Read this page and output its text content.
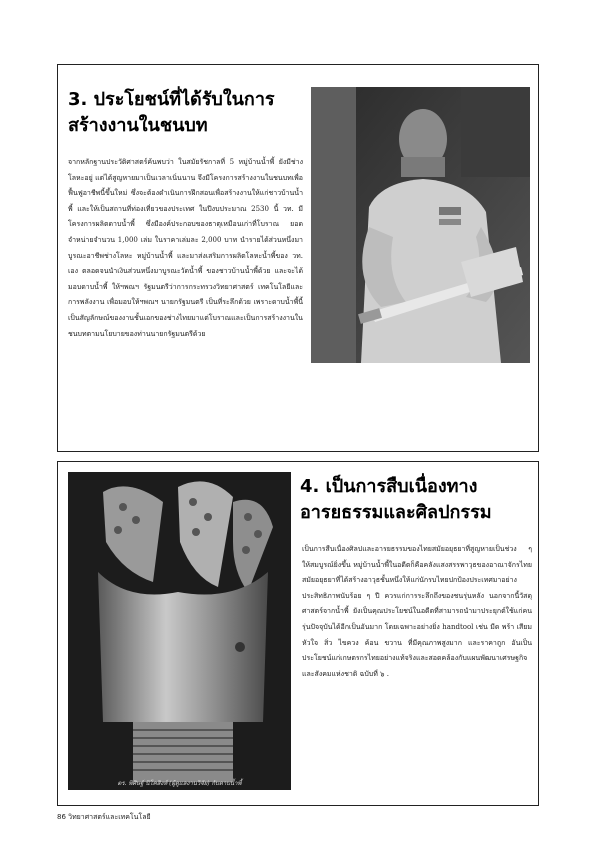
3. ประโยชน์ที่ได้รับในการสร้างงานในชนบท

จากหลักฐานประวัติศาสตร์ค้นพบว่า ในสมัยรัชกาลที่ 5 หมู่บ้านน้ำพี้ ยังมีช่างโลหะอยู่ แต่ได้สูญหายมาเป็นเวลาเนิ่นนาน จึงมีโครงการสร้างงานในชนบทเพื่อฟื้นฟูอาชีพนี้ขึ้นใหม่ ซึ่งจะต้องดำเนินการฝึกสอนเพื่อสร้างงานให้แก่ชาวบ้านน้ำพี้ และให้เป็นสถานที่ท่องเที่ยวของประเทศ ในปีงบประมาณ 2530 นี้ วท. มีโครงการผลิตดาบน้ำพี้ ซึ่งมีองค์ประกอบของธาตุเหมือนเก่าที่โบราณ ยอดจำหน่ายจำนวน 1,000 เล่ม ในราคาเล่มละ 2,000 บาท นำรายได้ส่วนหนึ่งมาบูรณะอาชีพช่างโลหะ หมู่บ้านน้ำพี้ และมาส่งเสริมการผลิตโลหะน้ำพี้ของ วท. เอง ตลอดจนนำเงินส่วนหนึ่งมาบูรณะวัดน้ำพี้ ของชาวบ้านน้ำพี้ด้วย และจะได้มอบดาบน้ำพี้ ให้ฯพณฯ รัฐมนตรีว่าการกระทรวงวิทยาศาสตร์ เทคโนโลยีและการพลังงาน เพื่อมอบให้ฯพณฯ นายกรัฐมนตรี เป็นที่ระลึกด้วย เพราะดาบน้ำพี้นี้เป็นสัญลักษณ์ของงานชั้นเอกของช่างไทยมาแต่โบราณและเป็นการสร้างงานในชนบทตามนโยบายของท่านนายกรัฐมนตรีด้วย

ดร. พิศิษฐ์ นิโคสิงห์ (ผู้ดูแลงานวิจัย) กับดาบน้ำพี้
4. เป็นการสืบเนื่องทางอารยธรรมและศิลปกรรม

เป็นการสืบเนื่องศิลปและอารยธรรมของไทยสมัยอยุธยาที่สูญหายเป็นช่วง ๆ ให้สมบูรณ์ยิ่งขึ้น หมู่บ้านน้ำพี้ในอดีตก็คือคลังแสงสรรพาวุธของอาณาจักรไทย สมัยอยุธยาที่ได้สร้างอาวุธชั้นหนึ่งให้แก่นักรบไทยปกป้องประเทศมาอย่างประสิทธิภาพนับร้อย ๆ ปี ควรแก่การระลึกถึงของชนรุ่นหลัง นอกจากนี้วัสดุศาสตร์จากน้ำพี้ ยังเป็นคุณประโยชน์ในอดีตที่สามารถนำมาประยุกต์ใช้แก่คนรุ่นปัจจุบันได้อีกเป็นอันมาก โดยเฉพาะอย่างยิ่ง handtool เช่น มีด พร้า เสียม หัวใจ สิ่ว ไขควง ค้อน ขวาน ที่มีคุณภาพสูงมาก และราคาถูก อันเป็นประโยชน์แก่เกษตรกรไทยอย่างแท้จริงและสอดคล้องกับแผนพัฒนาเศรษฐกิจและสังคมแห่งชาติ ฉบับที่ ๖ .

86 วิทยาศาสตร์และเทคโนโลยี
